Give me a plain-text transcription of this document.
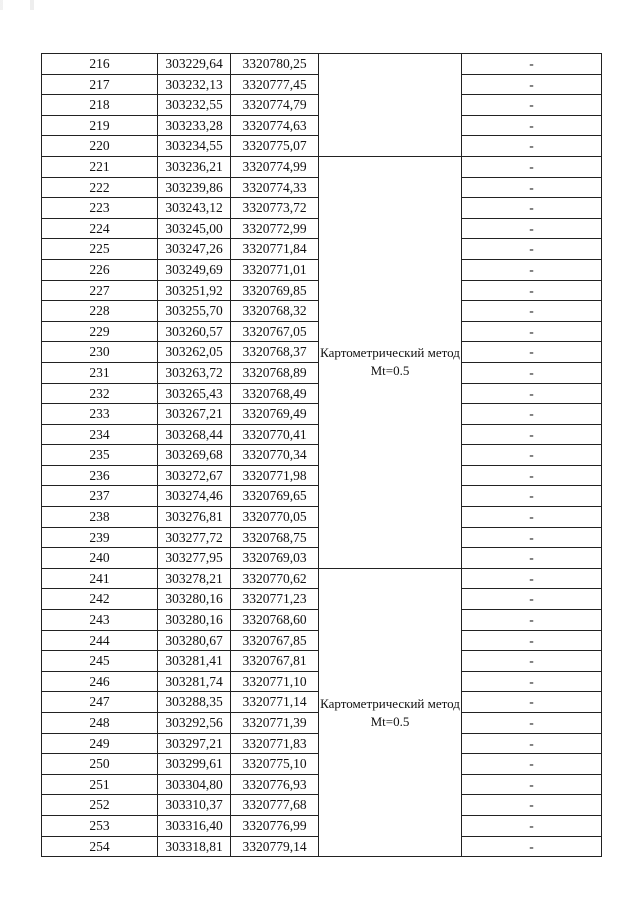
216	303229,64	3320780,25		-
217	303232,13	3320777,45		-
218	303232,55	3320774,79		-
219	303233,28	3320774,63		-
220	303234,55	3320775,07		-
221	303236,21	3320774,99	Картометрический метод Mt=0.5	-
222	303239,86	3320774,33		-
223	303243,12	3320773,72		-
224	303245,00	3320772,99		-
225	303247,26	3320771,84		-
226	303249,69	3320771,01		-
227	303251,92	3320769,85		-
228	303255,70	3320768,32		-
229	303260,57	3320767,05		-
230	303262,05	3320768,37		-
231	303263,72	3320768,89		-
232	303265,43	3320768,49		-
233	303267,21	3320769,49		-
234	303268,44	3320770,41		-
235	303269,68	3320770,34		-
236	303272,67	3320771,98		-
237	303274,46	3320769,65		-
238	303276,81	3320770,05		-
239	303277,72	3320768,75		-
240	303277,95	3320769,03		-
241	303278,21	3320770,62	Картометрический метод Mt=0.5	-
242	303280,16	3320771,23		-
243	303280,16	3320768,60		-
244	303280,67	3320767,85		-
245	303281,41	3320767,81		-
246	303281,74	3320771,10		-
247	303288,35	3320771,14		-
248	303292,56	3320771,39		-
249	303297,21	3320771,83		-
250	303299,61	3320775,10		-
251	303304,80	3320776,93		-
252	303310,37	3320777,68		-
253	303316,40	3320776,99		-
254	303318,81	3320779,14		-
